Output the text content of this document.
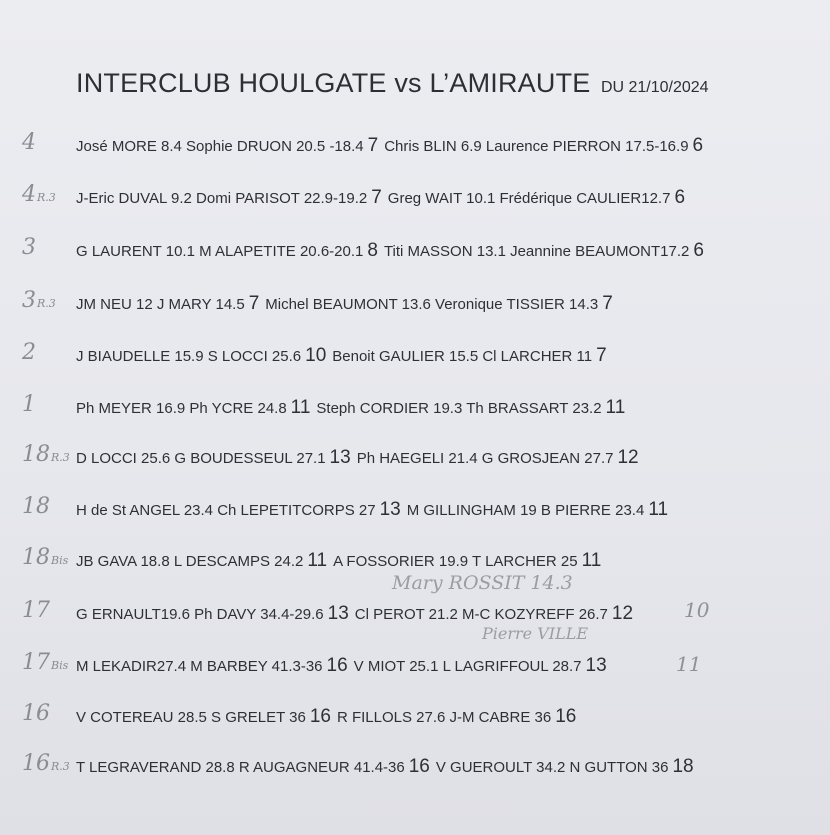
INTERCLUB HOULGATE vs L’AMIRAUTE DU 21/10/2024
4	José MORE 8.4 Sophie DRUON 20.5 -18.4 7 Chris BLIN 6.9 Laurence PIERRON 17.5-16.9 6
4R.3	J-Eric DUVAL 9.2 Domi PARISOT 22.9-19.2 7 Greg WAIT 10.1 Frédérique CAULIER12.7 6
3	G LAURENT 10.1 M ALAPETITE 20.6-20.1 8 Titi MASSON 13.1 Jeannine BEAUMONT17.2 6
3R.3	JM NEU 12 J MARY 14.5 7 Michel BEAUMONT 13.6 Veronique TISSIER 14.3 7
2	J BIAUDELLE 15.9 S LOCCI 25.6 10 Benoit GAULIER 15.5 Cl LARCHER 11 7
1	Ph MEYER 16.9 Ph YCRE 24.8 11 Steph CORDIER 19.3 Th BRASSART 23.2 11
18R.3 D LOCCI 25.6 G BOUDESSEUL 27.1 13 Ph HAEGELI 21.4 G GROSJEAN 27.7 12
18	H de St ANGEL 23.4 Ch LEPETITCORPS 27 13 M GILLINGHAM 19 B PIERRE 23.4 11
18Bis JB GAVA 18.8 L DESCAMPS 24.2 11 A FOSSORIER 19.9 T LARCHER 25 11
Mary ROSSIT 14.3
17	G ERNAULT19.6 Ph DAVY 34.4-29.6 13 Cl PEROT 21.2 M-C KOZYREFF 26.7 12	10
Pierre VILLE
17Bis M LEKADIR27.4 M BARBEY 41.3-36 16 V MIOT 25.1 L LAGRIFFOUL 28.7 13	11
16	V COTEREAU 28.5 S GRELET 36 16 R FILLOLS 27.6 J-M CABRE 36 16
16R.3 T LEGRAVERAND 28.8 R AUGAGNEUR 41.4-36 16 V GUEROULT 34.2 N GUTTON 36 18
